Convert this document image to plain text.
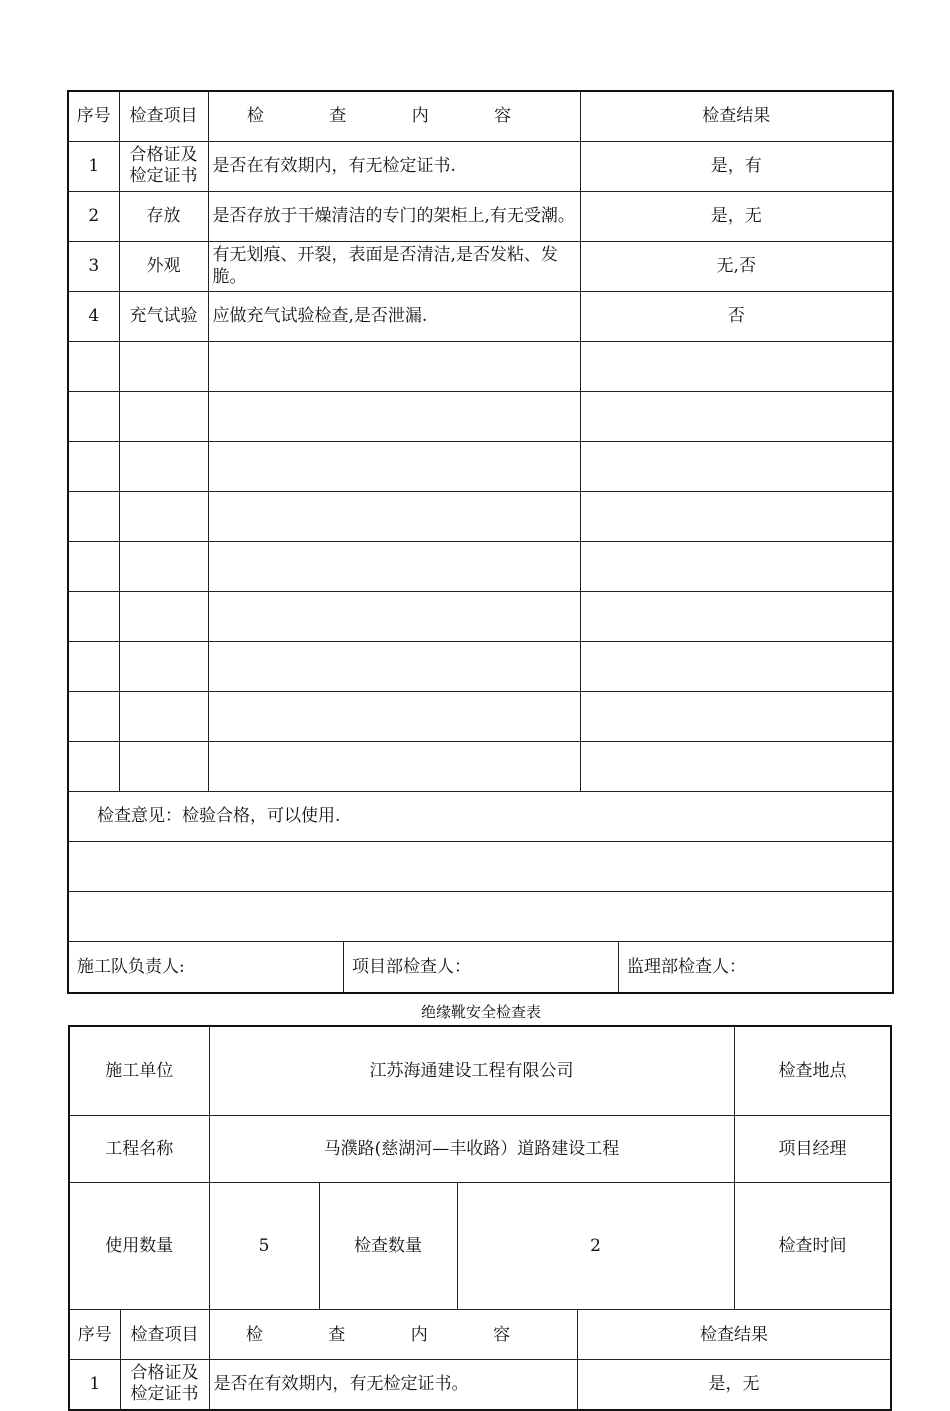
序号	检查项目	检 查 内 容	检查结果
1	合格证及检定证书	是否在有效期内，有无检定证书.	是，有
2	存放	是否存放于干燥清洁的专门的架柜上,有无受潮。	是，无
3	外观	有无划痕、开裂，表面是否清洁,是否发粘、发脆。	无,否
4	充气试验	应做充气试验检查,是否泄漏.	否

检查意见：检验合格，可以使用.			

施工队负责人: 项目部检查人： 监理部检查人：			
绝缘靴安全检查表
施工单位		江苏海通建设工程有限公司				检查地点	
工程名称		马濮路(慈湖河—丰收路）道路建设工程				项目经理	
使用数量		5	检查数量	2		检查时间	
序号	检查项目	检 查 内 容			检查结果		
1	合格证及检定证书	是否在有效期内，有无检定证书。			是，无		
